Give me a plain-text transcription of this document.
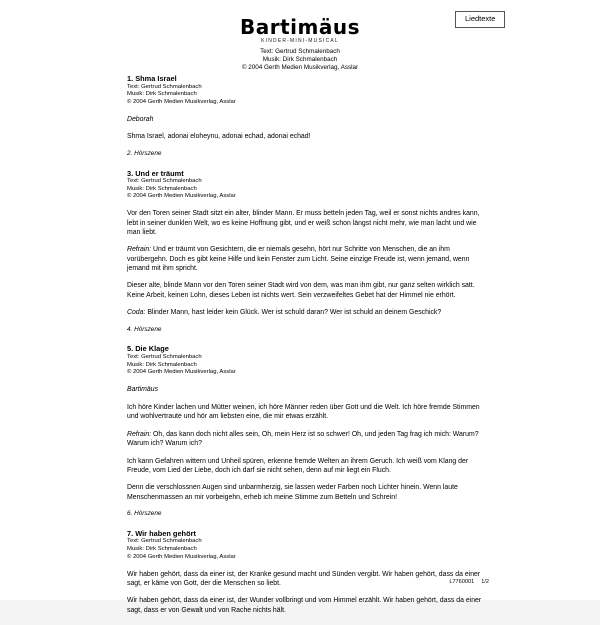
Liedtexte
Bartimäus
KINDER-MINI-MUSICAL
Text: Gertrud Schmalenbach
Musik: Dirk Schmalenbach
© 2004 Gerth Medien Musikverlag, Asslar
1. Shma Israel
Text: Gertrud Schmalenbach
Musik: Dirk Schmalenbach
© 2004 Gerth Medien Musikverlag, Asslar

Deborah

Shma Israel, adonai eloheynu, adonai echad, adonai echad!

2. Hörszene

3. Und er träumt
Text: Gertrud Schmalenbach
Musik: Dirk Schmalenbach
© 2004 Gerth Medien Musikverlag, Asslar

Vor den Toren seiner Stadt sitzt ein alter, blinder Mann. Er muss betteln jeden Tag, weil er sonst nichts andres kann, lebt in seiner dunklen Welt, wo es keine Hoffnung gibt, und er weiß schon längst nicht mehr, wie man lacht und wie man liebt.

Refrain: Und er träumt von Gesichtern, die er niemals gesehn, hört nur Schritte von Menschen, die an ihm vorübergehn. Doch es gibt keine Hilfe und kein Fenster zum Licht. Seine einzige Freude ist, wenn jemand, wenn jemand mit ihm spricht.

Dieser alte, blinde Mann vor den Toren seiner Stadt wird von dem, was man ihm gibt, nur ganz selten wirklich satt. Keine Arbeit, keinen Lohn, dieses Leben ist nichts wert. Sein verzweifeltes Gebet hat der Himmel nie erhört.

Coda: Blinder Mann, hast leider kein Glück. Wer ist schuld daran? Wer ist schuld an deinem Geschick?

4. Hörszene

5. Die Klage
Text: Gertrud Schmalenbach
Musik: Dirk Schmalenbach
© 2004 Gerth Medien Musikverlag, Asslar

Bartimäus

Ich höre Kinder lachen und Mütter weinen, ich höre Männer reden über Gott und die Welt. Ich höre fremde Stimmen und wohlvertraute und hör am liebsten eine, die mir etwas erzählt.

Refrain: Oh, das kann doch nicht alles sein, Oh, mein Herz ist so schwer! Oh, und jeden Tag frag ich mich: Warum? Warum ich? Warum ich?

Ich kann Gefahren wittern und Unheil spüren, erkenne fremde Welten an ihrem Geruch. Ich weiß vom Klang der Freude, vom Lied der Liebe, doch ich darf sie nicht sehen, denn auf mir liegt ein Fluch.

Denn die verschlossnen Augen sind unbarmherzig, sie lassen weder Farben noch Lichter hinein. Wenn laute Menschenmassen an mir vorbeigehn, erheb ich meine Stimme zum Betteln und Schrein!

6. Hörszene

7. Wir haben gehört
Text: Gertrud Schmalenbach
Musik: Dirk Schmalenbach
© 2004 Gerth Medien Musikverlag, Asslar

Wir haben gehört, dass da einer ist, der Kranke gesund macht und Sünden vergibt. Wir haben gehört, dass da einer sagt, er käme von Gott, der die Menschen so liebt.

Wir haben gehört, dass da einer ist, der Wunder vollbringt und vom Himmel erzählt. Wir haben gehört, dass da einer sagt, dass er von Gewalt und von Rache nichts hält.

L7760001 1/2
